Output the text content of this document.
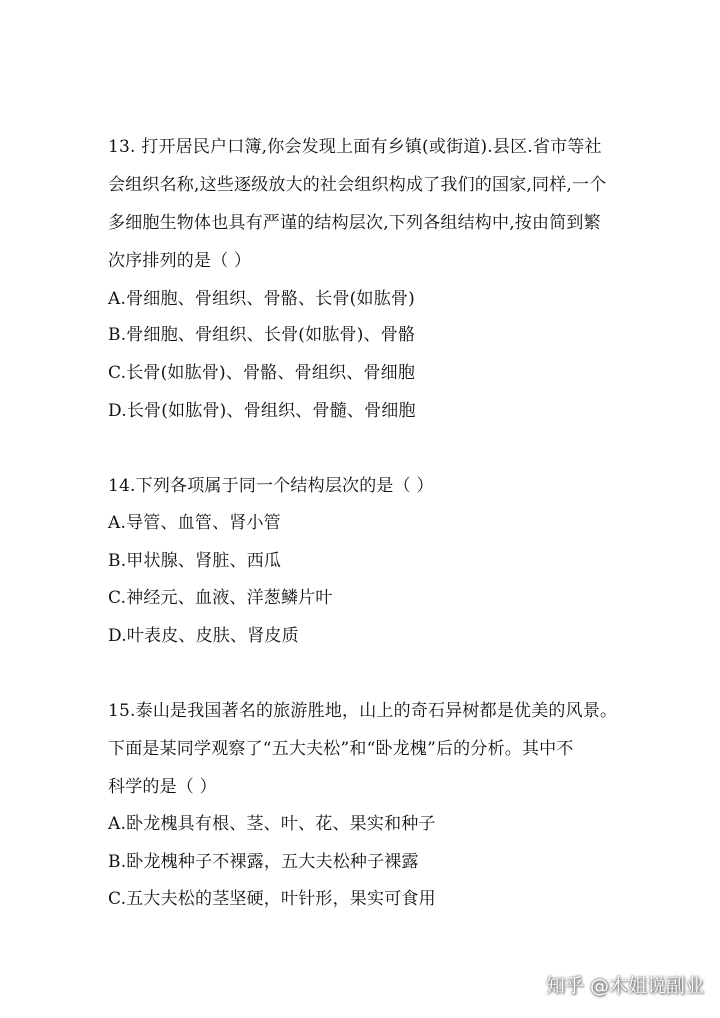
13. 打开居民户口簿,你会发现上面有乡镇(或街道).县区.省市等社
会组织名称,这些逐级放大的社会组织构成了我们的国家,同样,一个
多细胞生物体也具有严谨的结构层次,下列各组结构中,按由简到繁
次序排列的是（ ）
A.骨细胞、骨组织、骨骼、长骨(如肱骨)
B.骨细胞、骨组织、长骨(如肱骨)、骨骼
C.长骨(如肱骨)、骨骼、骨组织、骨细胞
D.长骨(如肱骨)、骨组织、骨髓、骨细胞
14.下列各项属于同一个结构层次的是（ ）
A.导管、血管、肾小管
B.甲状腺、肾脏、西瓜
C.神经元、血液、洋葱鳞片叶
D.叶表皮、皮肤、肾皮质
15.泰山是我国著名的旅游胜地，山上的奇石异树都是优美的风景。
下面是某同学观察了“五大夫松”和“卧龙槐”后的分析。其中不
科学的是（ ）
A.卧龙槐具有根、茎、叶、花、果实和种子
B.卧龙槐种子不裸露，五大夫松种子裸露
C.五大夫松的茎坚硬，叶针形，果实可食用
知乎 @木姐说副业
